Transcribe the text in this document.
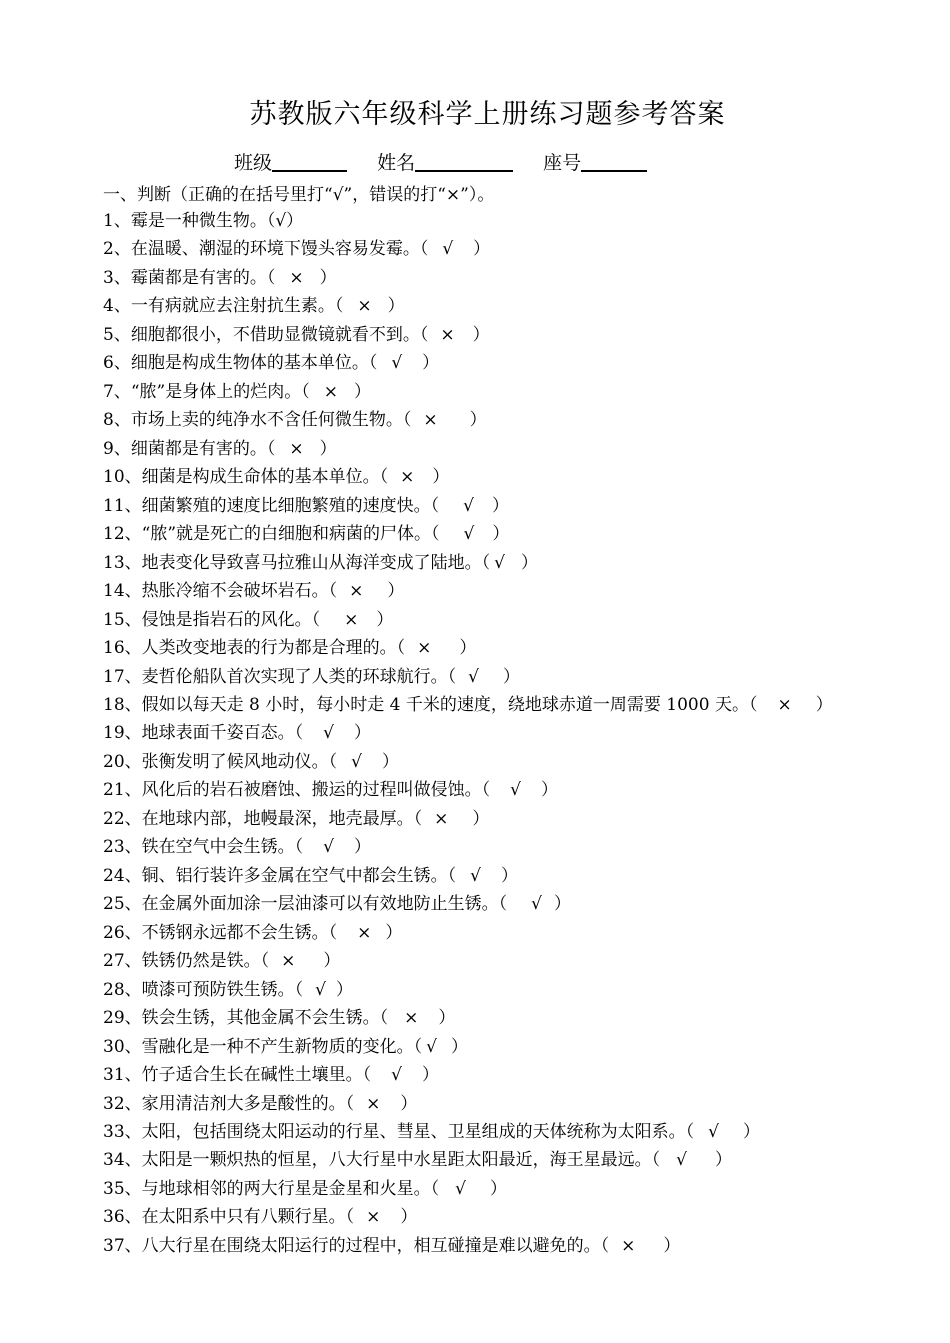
苏教版六年级科学上册练习题参考答案
班级	姓名	座号
一、判断（正确的在括号里打“√”，错误的打“×”）。
1、霉是一种微生物。（√）
2、在温暖、潮湿的环境下馒头容易发霉。（ √ ）
3、霉菌都是有害的。（ × ）
4、一有病就应去注射抗生素。（ × ）
5、细胞都很小，不借助显微镜就看不到。（ × ）
6、细胞是构成生物体的基本单位。（ √ ）
7、“脓”是身体上的烂肉。（ × ）
8、市场上卖的纯净水不含任何微生物。（ × ）
9、细菌都是有害的。（ × ）
10、细菌是构成生命体的基本单位。（ × ）
11、细菌繁殖的速度比细胞繁殖的速度快。（ √ ）
12、“脓”就是死亡的白细胞和病菌的尸体。（ √ ）
13、地表变化导致喜马拉雅山从海洋变成了陆地。（ √ ）
14、热胀冷缩不会破坏岩石。（ × ）
15、侵蚀是指岩石的风化。（ × ）
16、人类改变地表的行为都是合理的。（ × ）
17、麦哲伦船队首次实现了人类的环球航行。（ √ ）
18、假如以每天走 8 小时，每小时走 4 千米的速度，绕地球赤道一周需要 1000 天。（ × ）
19、地球表面千姿百态。（ √ ）
20、张衡发明了候风地动仪。（ √ ）
21、风化后的岩石被磨蚀、搬运的过程叫做侵蚀。（ √ ）
22、在地球内部，地幔最深，地壳最厚。（ × ）
23、铁在空气中会生锈。（ √ ）
24、铜、铝行装许多金属在空气中都会生锈。（ √ ）
25、在金属外面加涂一层油漆可以有效地防止生锈。（ √ ）
26、不锈钢永远都不会生锈。（ × ）
27、铁锈仍然是铁。（ × ）
28、喷漆可预防铁生锈。（ √ ）
29、铁会生锈，其他金属不会生锈。（ × ）
30、雪融化是一种不产生新物质的变化。（ √ ）
31、竹子适合生长在碱性土壤里。（ √ ）
32、家用清洁剂大多是酸性的。（ × ）
33、太阳，包括围绕太阳运动的行星、彗星、卫星组成的天体统称为太阳系。（ √ ）
34、太阳是一颗炽热的恒星，八大行星中水星距太阳最近，海王星最远。（ √ ）
35、与地球相邻的两大行星是金星和火星。（ √ ）
36、在太阳系中只有八颗行星。（ × ）
37、八大行星在围绕太阳运行的过程中，相互碰撞是难以避免的。（ × ）
